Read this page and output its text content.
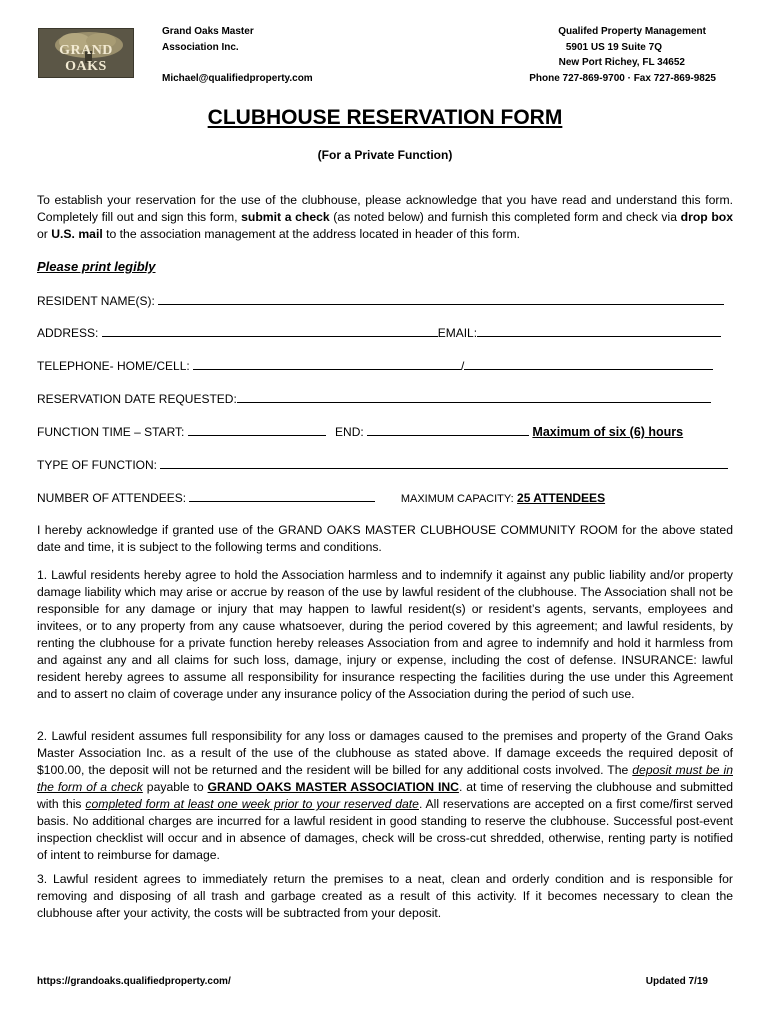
GRAND OAKS
Grand Oaks Master
Association Inc.
Michael@qualifiedproperty.com
Qualifed Property Management
5901 US 19 Suite 7Q
New Port Richey, FL 34652
Phone 727-869-9700 · Fax 727-869-9825
CLUBHOUSE RESERVATION FORM
(For a Private Function)
To establish your reservation for the use of the clubhouse, please acknowledge that you have read and understand this form. Completely fill out and sign this form, submit a check (as noted below) and furnish this completed form and check via drop box or U.S. mail to the association management at the address located in header of this form.
Please print legibly
RESIDENT NAME(S):
ADDRESS:	EMAIL:
TELEPHONE- HOME/CELL:	/
RESERVATION DATE REQUESTED:
FUNCTION TIME – START:	END:	Maximum of six (6) hours
TYPE OF FUNCTION:
NUMBER OF ATTENDEES:	MAXIMUM CAPACITY: 25 ATTENDEES
I hereby acknowledge if granted use of the GRAND OAKS MASTER CLUBHOUSE COMMUNITY ROOM for the above stated date and time, it is subject to the following terms and conditions.
1. Lawful residents hereby agree to hold the Association harmless and to indemnify it against any public liability and/or property damage liability which may arise or accrue by reason of the use by lawful resident of the clubhouse. The Association shall not be responsible for any damage or injury that may happen to lawful resident(s) or resident’s agents, servants, employees and invitees, or to any property from any cause whatsoever, during the period covered by this agreement; and lawful residents, by renting the clubhouse for a private function hereby releases Association from and agree to indemnify and hold it harmless from and against any and all claims for such loss, damage, injury or expense, including the cost of defense. INSURANCE: lawful resident hereby agrees to assume all responsibility for insurance respecting the facilities during the use under this Agreement and to assert no claim of coverage under any insurance policy of the Association during the period of such use.
2. Lawful resident assumes full responsibility for any loss or damages caused to the premises and property of the Grand Oaks Master Association Inc. as a result of the use of the clubhouse as stated above. If damage exceeds the required deposit of $100.00, the deposit will not be returned and the resident will be billed for any additional costs involved. The deposit must be in the form of a check payable to GRAND OAKS MASTER ASSOCIATION INC. at time of reserving the clubhouse and submitted with this completed form at least one week prior to your reserved date. All reservations are accepted on a first come/first served basis. No additional charges are incurred for a lawful resident in good standing to reserve the clubhouse. Successful post-event inspection checklist will occur and in absence of damages, check will be cross-cut shredded, otherwise, renting party is notified of intent to reimburse for damage.
3. Lawful resident agrees to immediately return the premises to a neat, clean and orderly condition and is responsible for removing and disposing of all trash and garbage created as a result of this activity. If it becomes necessary to clean the clubhouse after your activity, the costs will be subtracted from your deposit.
https://grandoaks.qualifiedproperty.com/	Updated 7/19
